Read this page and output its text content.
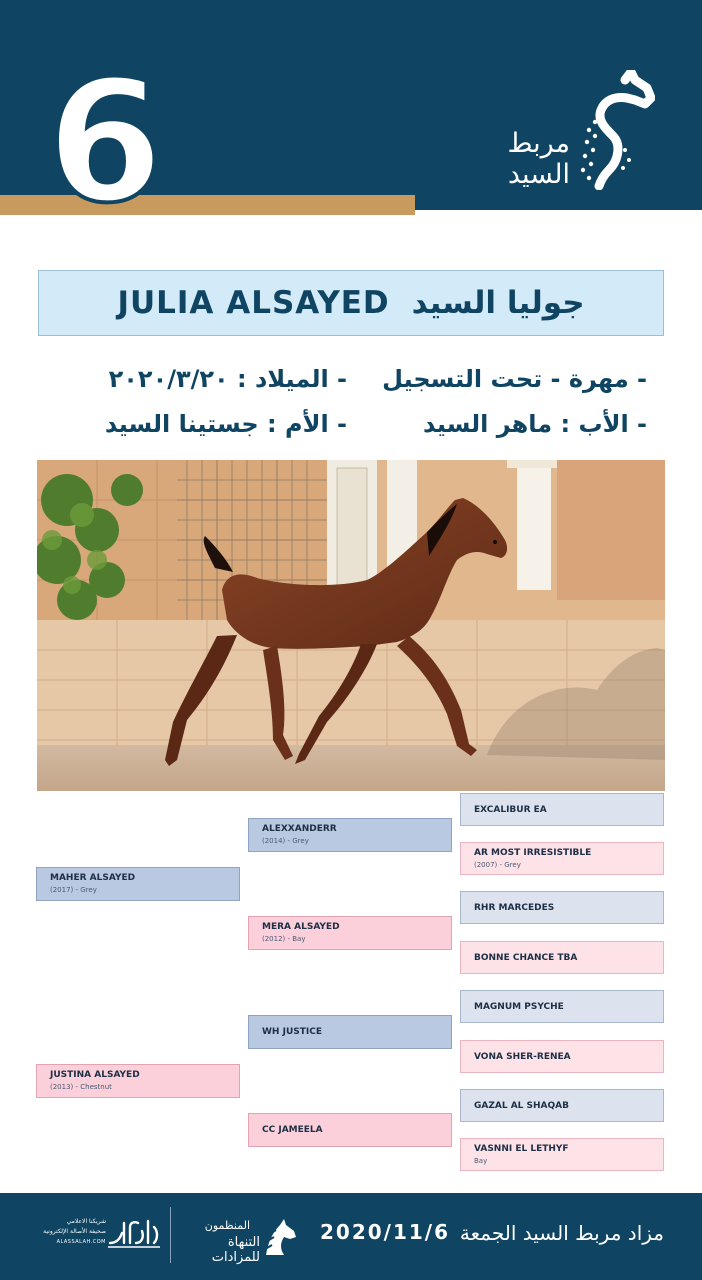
6	مربط السيد
JULIA ALSAYED جوليا السيد
- مهرة - تحت التسجيل
- الميلاد : ٢٠٢٠/٣/٢٠
- الأب : ماهر السيد
- الأم : جستينا السيد
MAHER ALSAYED
(2017) - Grey
JUSTINA ALSAYED
(2013) - Chestnut
ALEXXANDERR
(2014) - Grey
MERA ALSAYED
(2012) - Bay
WH JUSTICE
CC JAMEELA
EXCALIBUR EA
AR MOST IRRESISTIBLE
(2007) - Grey
RHR MARCEDES
BONNE CHANCE TBA
MAGNUM PSYCHE
VONA SHER-RENEA
GAZAL AL SHAQAB
VASNNI EL LETHYF
Bay
مزاد مربط السيد الجمعة
2020/11/6
المنظمون
التنهاة للمزادات
شريكنا الاعلامي
صحيفة الأصالة الإلكترونية
ALASSALAH.COM
